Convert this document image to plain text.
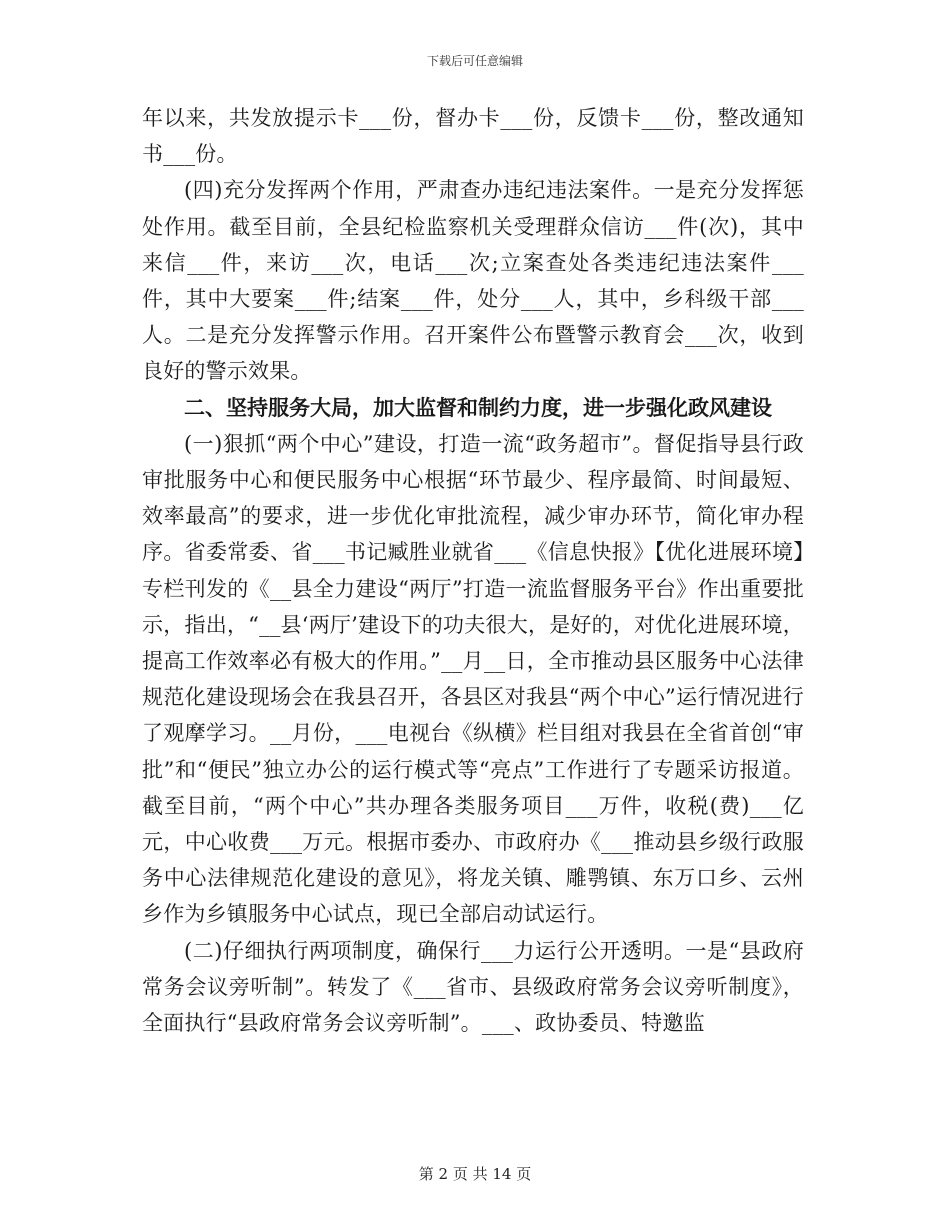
下载后可任意编辑

年以来，共发放提示卡___份，督办卡___份，反馈卡___份，整改通知书___份。

(四)充分发挥两个作用，严肃查办违纪违法案件。一是充分发挥惩处作用。截至目前，全县纪检监察机关受理群众信访___件(次)，其中来信___件，来访___次，电话___次;立案查处各类违纪违法案件___件，其中大要案___件;结案___件，处分___人，其中，乡科级干部___人。二是充分发挥警示作用。召开案件公布暨警示教育会___次，收到良好的警示效果。

二、坚持服务大局，加大监督和制约力度，进一步强化政风建设

(一)狠抓“两个中心”建设，打造一流“政务超市”。督促指导县行政审批服务中心和便民服务中心根据“环节最少、程序最简、时间最短、效率最高”的要求，进一步优化审批流程，减少审办环节，简化审办程序。省委常委、省___书记臧胜业就省___《信息快报》【优化进展环境】专栏刊发的《__县全力建设“两厅”打造一流监督服务平台》作出重要批示，指出，“__县‘两厅’建设下的功夫很大，是好的，对优化进展环境，提高工作效率必有极大的作用。”__月__日，全市推动县区服务中心法律规范化建设现场会在我县召开，各县区对我县“两个中心”运行情况进行了观摩学习。__月份，___电视台《纵横》栏目组对我县在全省首创“审批”和“便民”独立办公的运行模式等“亮点”工作进行了专题采访报道。截至目前，“两个中心”共办理各类服务项目___万件，收税(费)___亿元，中心收费___万元。根据市委办、市政府办《___推动县乡级行政服务中心法律规范化建设的意见》，将龙关镇、雕鹗镇、东万口乡、云州乡作为乡镇服务中心试点，现已全部启动试运行。

(二)仔细执行两项制度，确保行___力运行公开透明。一是“县政府常务会议旁听制”。转发了《___省市、县级政府常务会议旁听制度》，全面执行“县政府常务会议旁听制”。___、政协委员、特邀监

第 2 页 共 14 页
